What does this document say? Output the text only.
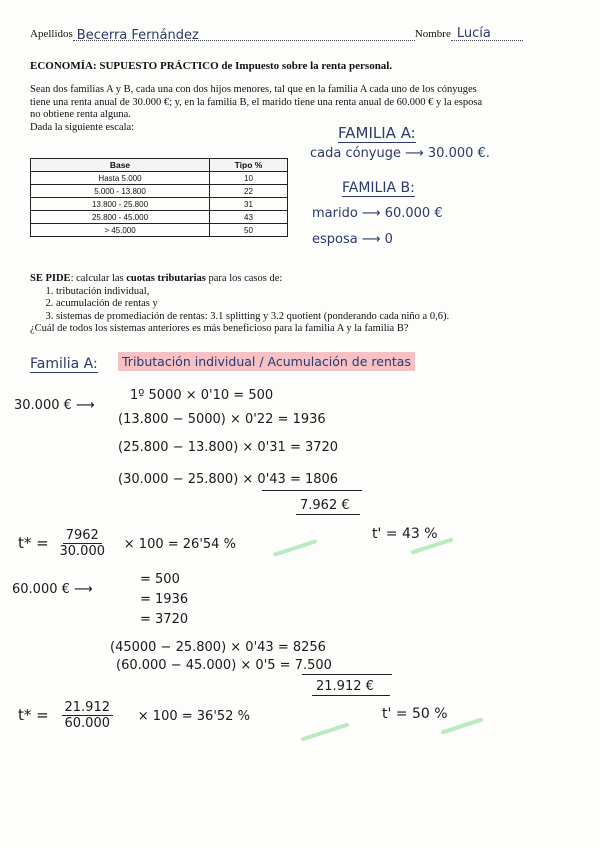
Apellidos Becerra Fernández	Nombre Lucía
ECONOMÍA: SUPUESTO PRÁCTICO de Impuesto sobre la renta personal.
Sean dos familias A y B, cada una con dos hijos menores, tal que en la familia A cada uno de los cónyuges
tiene una renta anual de 30.000 €; y, en la familia B, el marido tiene una renta anual de 60.000 € y la esposa
no obtiene renta alguna.
Dada la siguiente escala:
Base	Tipo %
Hasta 5.000	10
5.000 - 13.800	22
13.800 - 25.800	31
25.800 - 45.000	43
> 45.000	50
FAMILIA A:
cada cónyuge ⟶ 30.000 €.
FAMILIA B:
marido ⟶ 60.000 €
esposa ⟶ 0
SE PIDE: calcular las cuotas tributarias para los casos de:
1. tributación individual,
2. acumulación de rentas y
3. sistemas de promediación de rentas: 3.1 splitting y 3.2 quotient (ponderando cada niño a 0,6).
¿Cuál de todos los sistemas anteriores es más beneficioso para la familia A y la familia B?
Familia A:	Tributación individual / Acumulación de rentas
30.000 € ⟶
1º 5000 × 0'10 = 500
(13.800 − 5000) × 0'22 = 1936
(25.800 − 13.800) × 0'31 = 3720
(30.000 − 25.800) × 0'43 = 1806
7.962 €
$t* = \frac{7962}{30.000} \times 100 = 26'54$ %
t' = 43 %
60.000 € ⟶
= 500
= 1936
= 3720
(45000 − 25.800) × 0'43 = 8256
(60.000 − 45.000) × 0'5 = 7.500
21.912 €
$t* = \frac{21.912}{60.000} \times 100 = 36'52$ %	t' = 50 %
